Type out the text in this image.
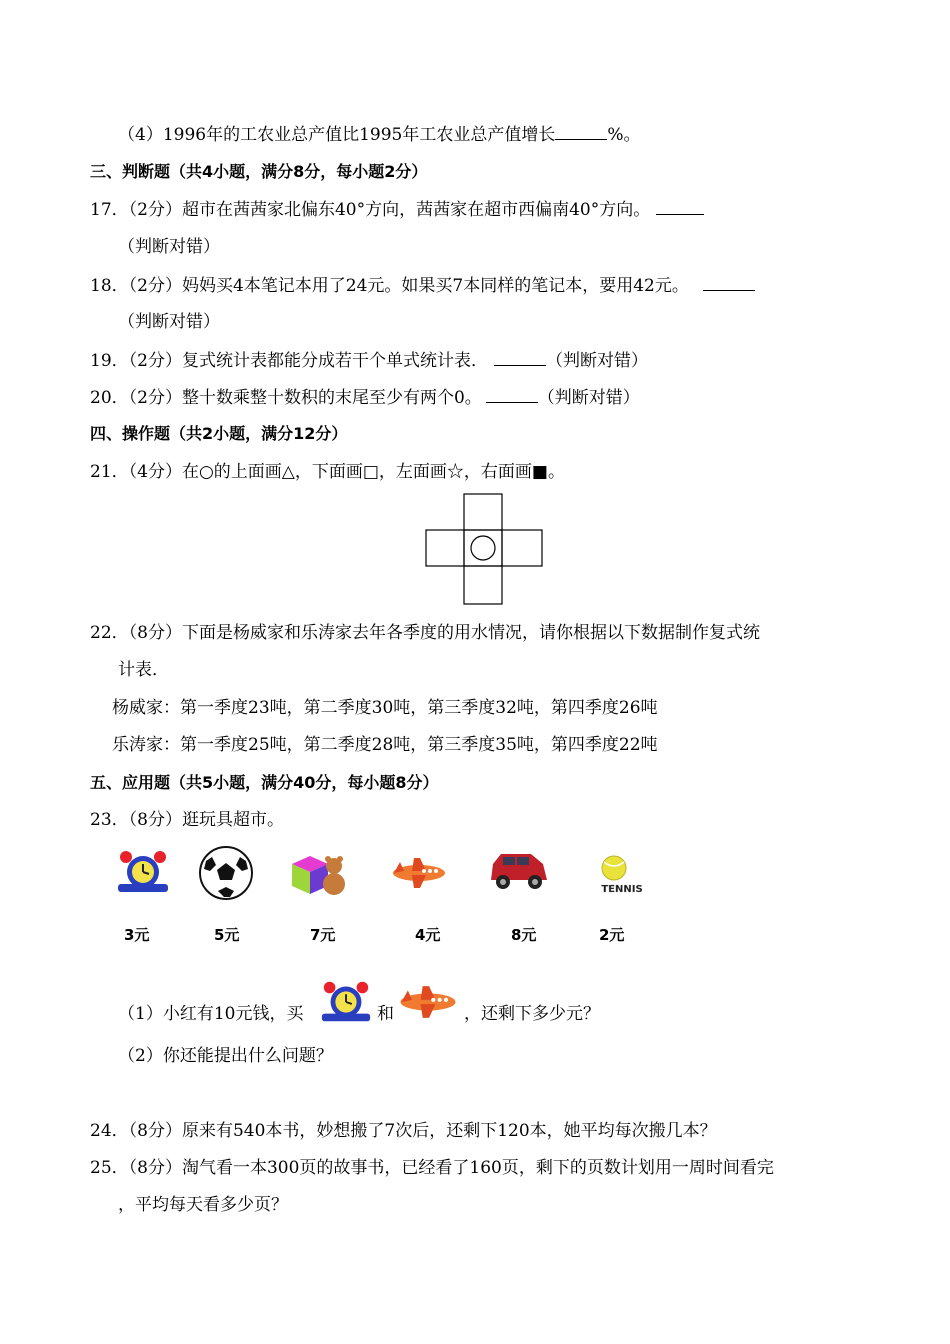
（4）1996年的工农业总产值比1995年工农业总产值增长	%。
三、判断题（共4小题，满分8分，每小题2分）
17．（2分）超市在茜茜家北偏东40°方向，茜茜家在超市西偏南40°方向。
（判断对错）
18．（2分）妈妈买4本笔记本用了24元。如果买7本同样的笔记本，要用42元。
（判断对错）
19．（2分）复式统计表都能分成若干个单式统计表．	（判断对错）
20．（2分）整十数乘整十数积的末尾至少有两个0。	（判断对错）
四、操作题（共2小题，满分12分）
21．（4分）在○的上面画△，下面画□，左面画☆，右面画■。
22．（8分）下面是杨威家和乐涛家去年各季度的用水情况，请你根据以下数据制作复式统
计表．
杨威家：第一季度23吨，第二季度30吨，第三季度32吨，第四季度26吨
乐涛家：第一季度25吨，第二季度28吨，第三季度35吨，第四季度22吨
五、应用题（共5小题，满分40分，每小题8分）
23．（8分）逛玩具超市。
TENNIS
3元	5元	7元	4元	8元	2元
（1）小红有10元钱，买	和	，还剩下多少元？
（2）你还能提出什么问题？
24．（8分）原来有540本书，妙想搬了7次后，还剩下120本，她平均每次搬几本？
25．（8分）淘气看一本300页的故事书，已经看了160页，剩下的页数计划用一周时间看完
，平均每天看多少页？
